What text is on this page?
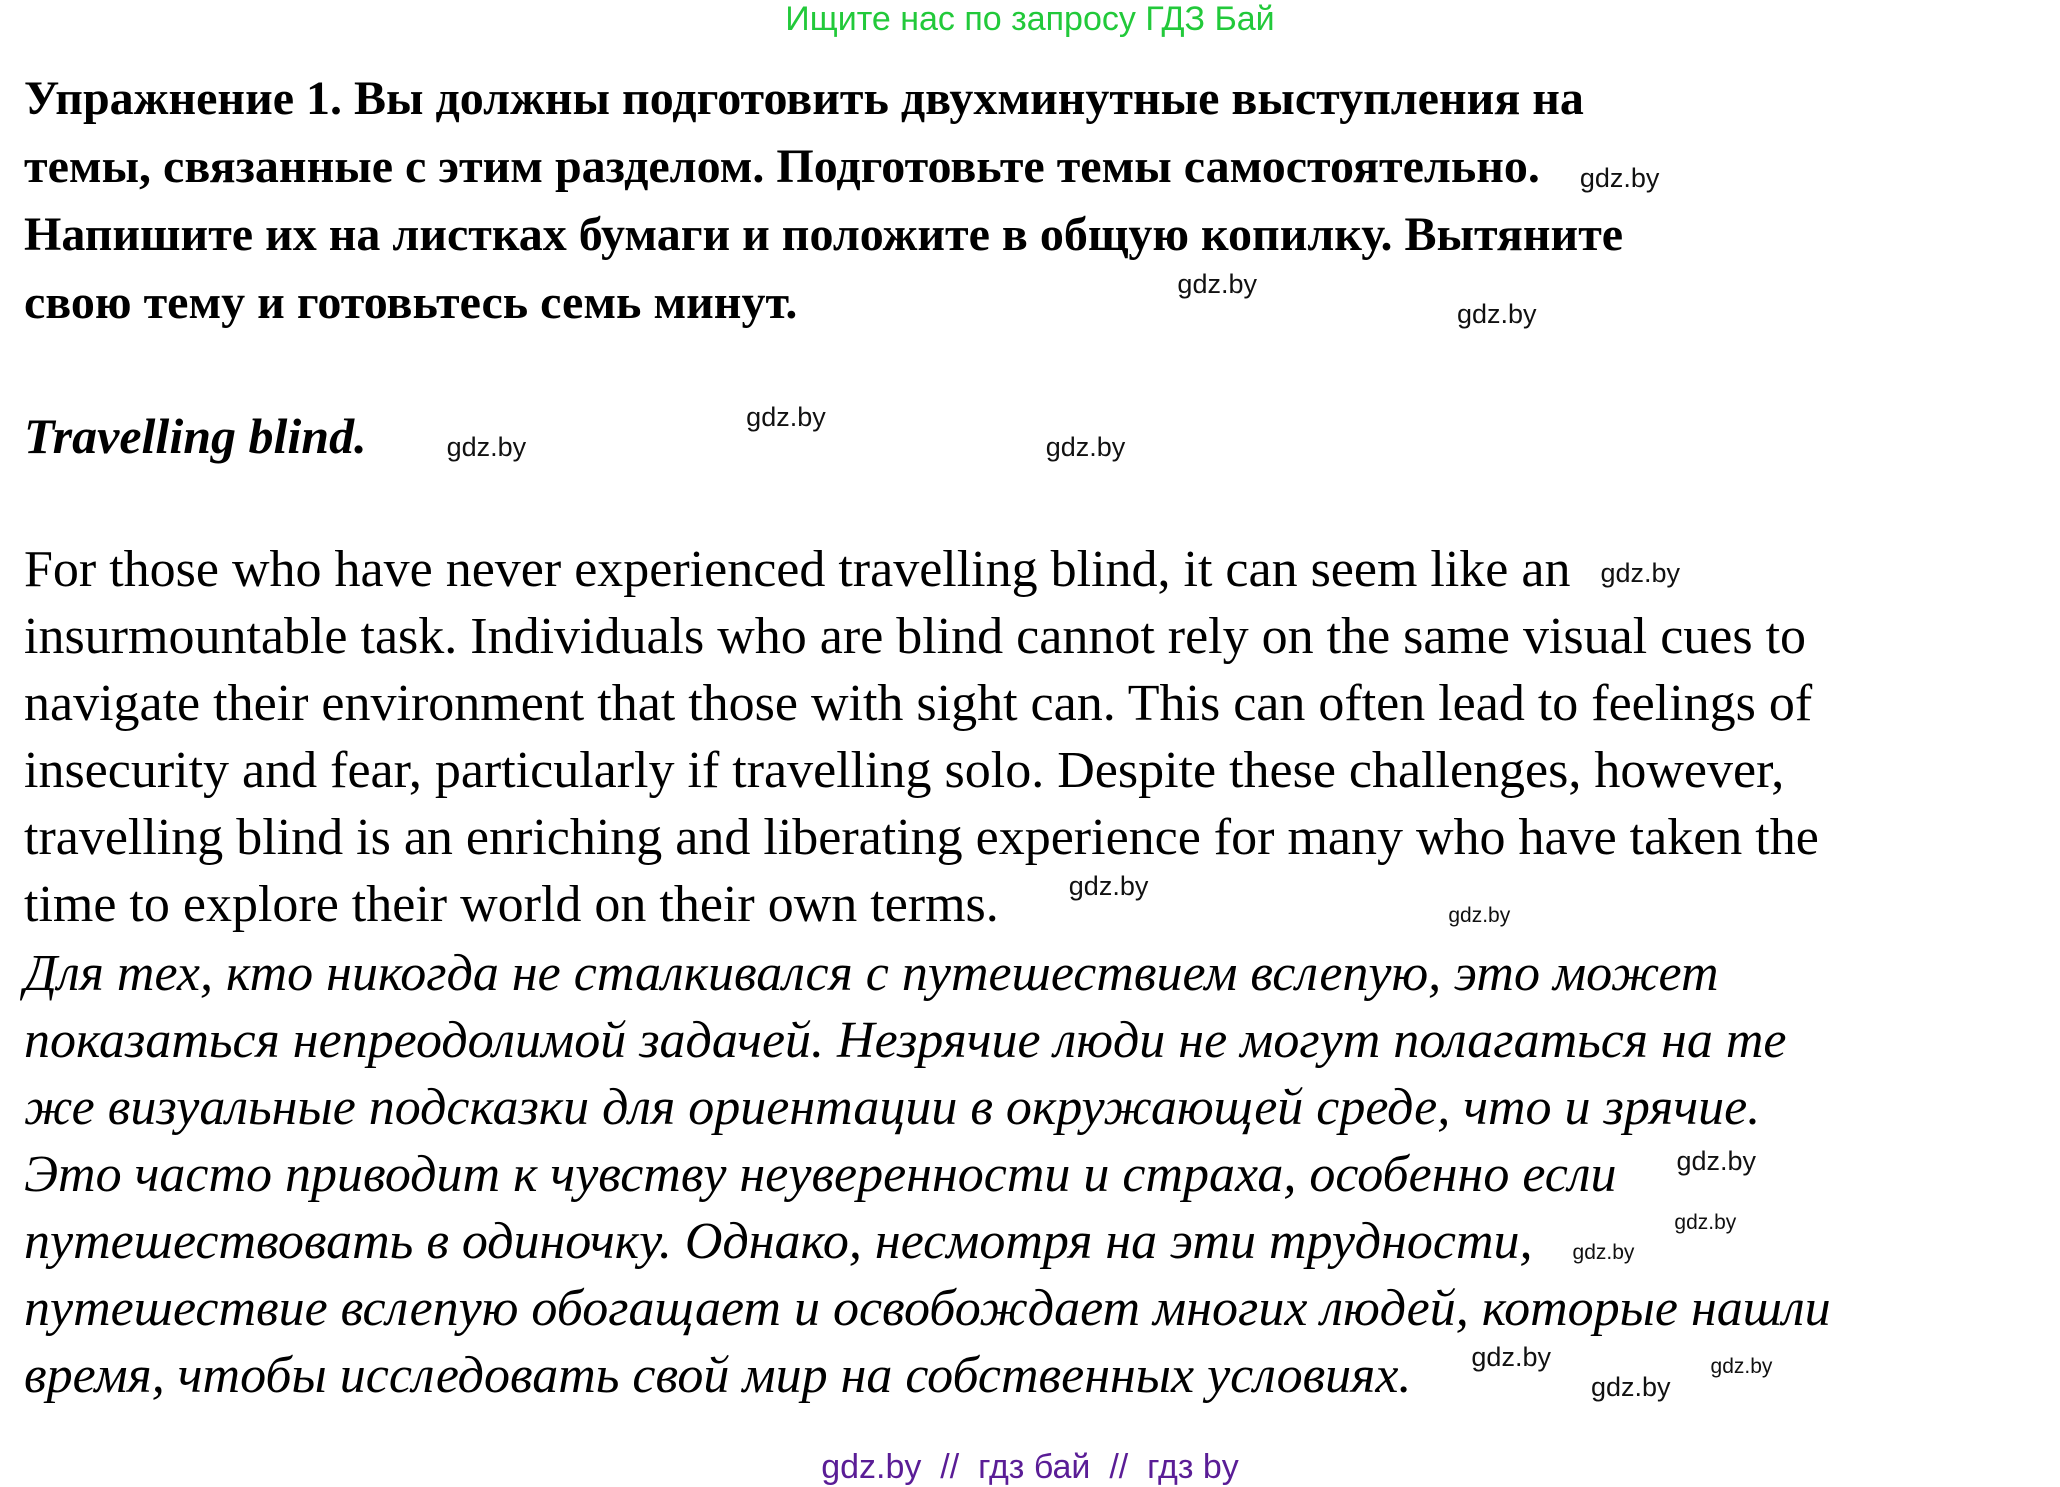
Ищите нас по запросу ГДЗ Бай
Упражнение 1. Вы должны подготовить двухминутные выступления на
темы, связанные с этим разделом. Подготовьте темы самостоятельно. gdz.by
Напишите их на листках бумаги и положите в общую копилку. Вытяните
свою тему и готовьтесь семь минут.	gdz.bygdz.by
Travelling blind.	gdz.bygdz.bygdz.by
For those who have never experienced travelling blind, it can seem like an gdz.by
insurmountable task. Individuals who are blind cannot rely on the same visual cues to
navigate their environment that those with sight can. This can often lead to feelings of
insecurity and fear, particularly if travelling solo. Despite these challenges, however,
travelling blind is an enriching and liberating experience for many who have taken the
time to explore their world on their own terms.	gdz.bygdz.by
Для тех, кто никогда не сталкивался с путешествием вслепую, это может
показаться непреодолимой задачей. Незрячие люди не могут полагаться на те
же визуальные подсказки для ориентации в окружающей среде, что и зрячие.
Это часто приводит к чувству неуверенности и страха, особенно если gdz.by
путешествовать в одиночку. Однако, несмотря на эти трудности, gdz.bygdz.by
путешествие вслепую обогащает и освобождает многих людей, которые нашли
время, чтобы исследовать свой мир на собственных условиях. gdz.bygdz.bygdz.by
gdz.by  //  гдз бай  //  гдз by
